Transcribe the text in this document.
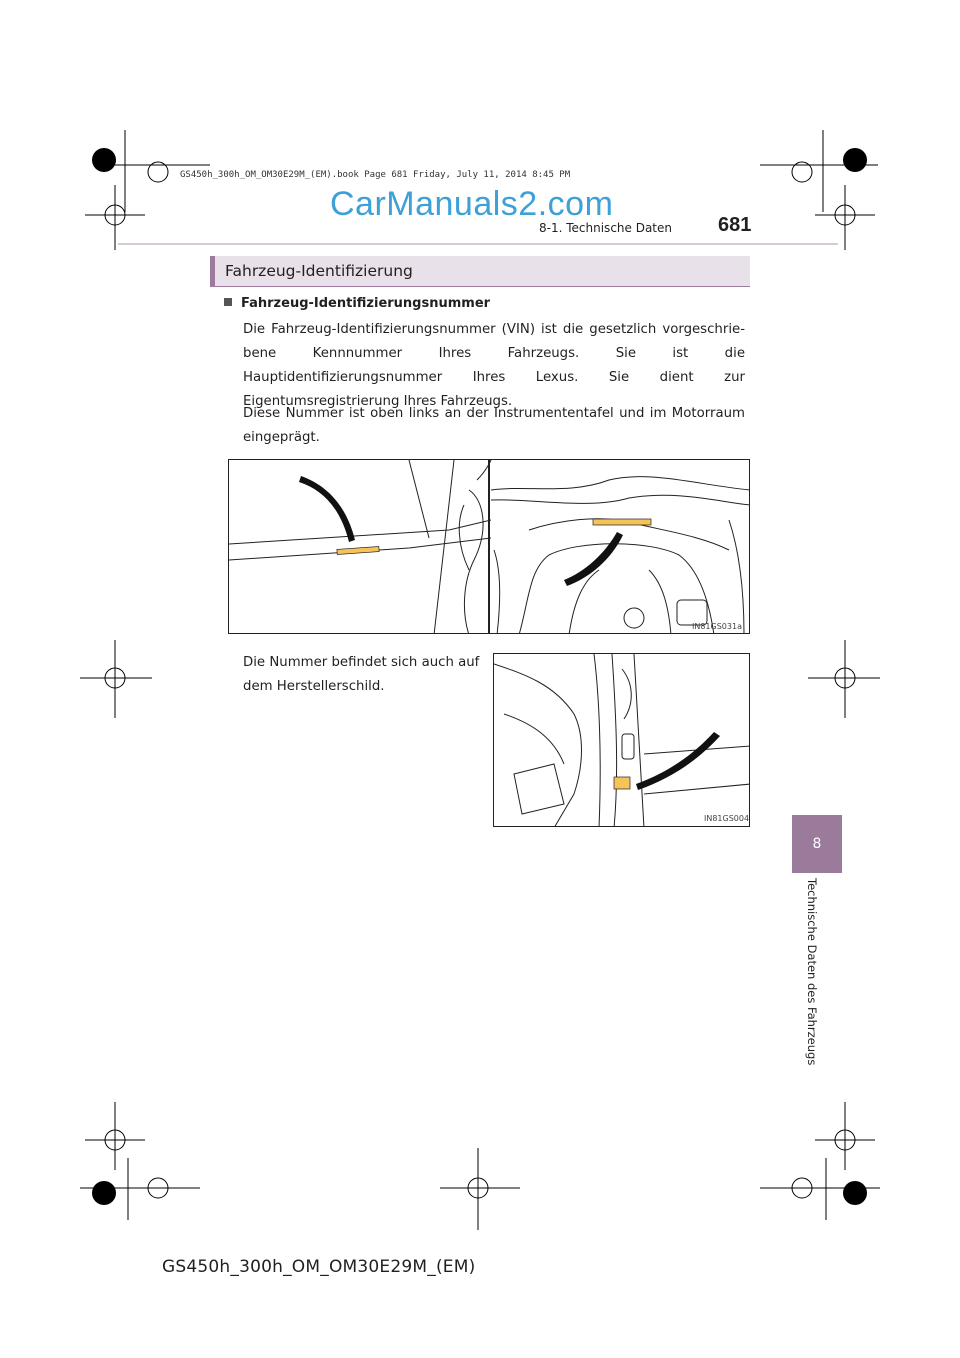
GS450h_300h_OM_OM30E29M_(EM).book Page 681 Friday, July 11, 2014 8:45 PM
CarManuals2.com
8-1. Technische Daten 681
Fahrzeug-Identifizierung
Fahrzeug-Identifizierungsnummer
Die Fahrzeug-Identifizierungsnummer (VIN) ist die gesetzlich vorgeschrie-bene Kennnummer Ihres Fahrzeugs. Sie ist die Hauptidentifizierungsnummer Ihres Lexus. Sie dient zur Eigentumsregistrierung Ihres Fahrzeugs.
Diese Nummer ist oben links an der Instrumententafel und im Motorraum eingeprägt.
IN81GS031a
Die Nummer befindet sich auch auf dem Herstellerschild.
IN81GS004
8
Technische Daten des Fahrzeugs
GS450h_300h_OM_OM30E29M_(EM)
